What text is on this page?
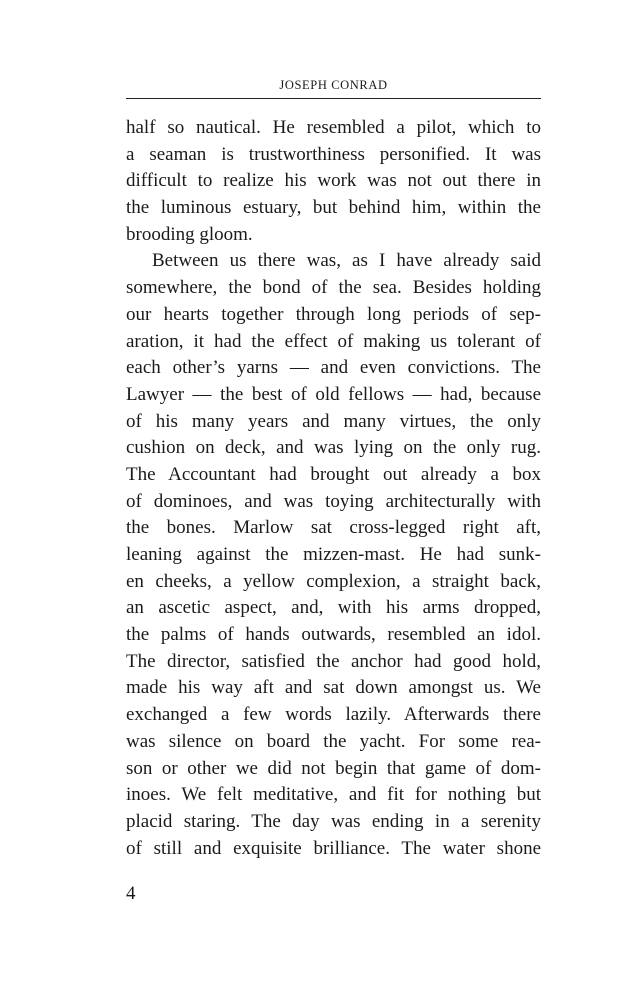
JOSEPH CONRAD
half so nautical. He resembled a pilot, which to
a seaman is trustworthiness personified. It was
difficult to realize his work was not out there in
the luminous estuary, but behind him, within the
brooding gloom.
Between us there was, as I have already said
somewhere, the bond of the sea. Besides holding
our hearts together through long periods of sep-
aration, it had the effect of making us tolerant of
each other’s yarns — and even convictions. The
Lawyer — the best of old fellows — had, because
of his many years and many virtues, the only
cushion on deck, and was lying on the only rug.
The Accountant had brought out already a box
of dominoes, and was toying architecturally with
the bones. Marlow sat cross-legged right aft,
leaning against the mizzen-mast. He had sunk-
en cheeks, a yellow complexion, a straight back,
an ascetic aspect, and, with his arms dropped,
the palms of hands outwards, resembled an idol.
The director, satisfied the anchor had good hold,
made his way aft and sat down amongst us. We
exchanged a few words lazily. Afterwards there
was silence on board the yacht. For some rea-
son or other we did not begin that game of dom-
inoes. We felt meditative, and fit for nothing but
placid staring. The day was ending in a serenity
of still and exquisite brilliance. The water shone
4
